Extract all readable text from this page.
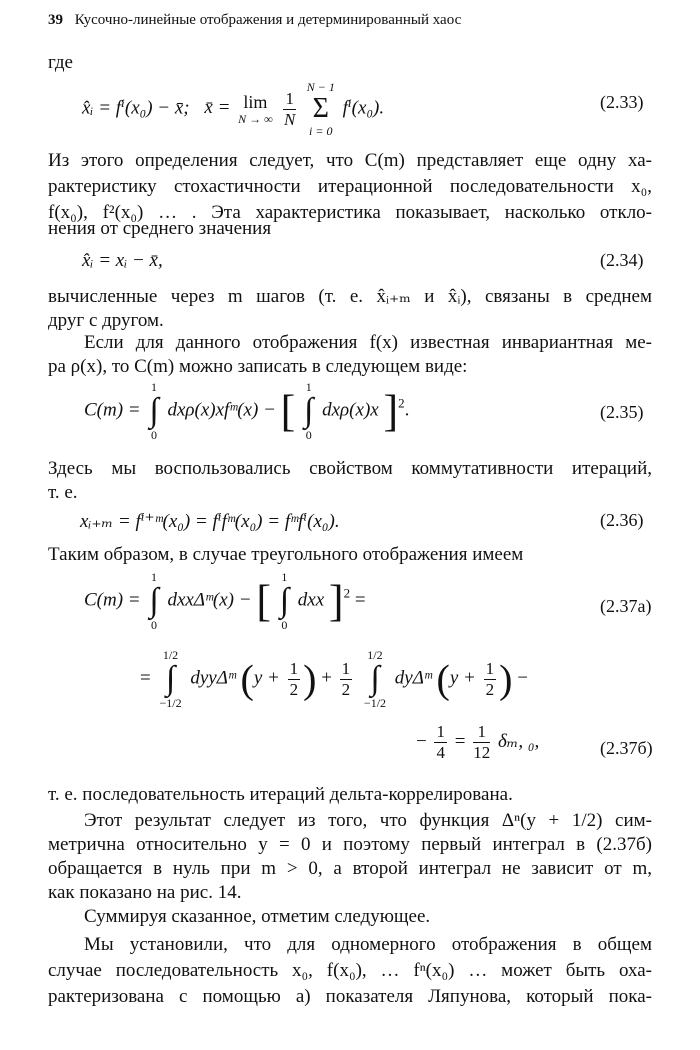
39 Кусочно-линейные отображения и детерминированный хаос
где
x̂ᵢ = fⁱ(x₀) − x̄; x̄ = lim
N → ∞
$\frac{1}{N}$

N − 1
Σ
i = 0
fⁱ(x₀).	(2.33)
Из этого определения следует, что C(m) представляет еще одну ха-
рактеристику стохастичности итерационной последовательности x₀,
f(x₀), f²(x₀) … . Эта характеристика показывает, насколько откло-
нения от среднего значения
x̂ᵢ = xᵢ − x̄,	(2.34)
вычисленные через m шагов (т. е. x̂ᵢ₊ₘ и x̂ᵢ), связаны в среднем
друг с другом.
Если для данного отображения f(x) известная инвариантная ме-
ра ρ(x), то C(m) можно записать в следующем виде:
C(m) =
1
∫
0
dxρ(x)xfᵐ(x) − [ 1
∫
0
dxρ(x)x ]$^2$.	(2.35)
Здесь мы воспользовались свойством коммутативности итераций,
т. е.
xᵢ₊ₘ = fⁱ⁺ᵐ(x₀) = fⁱfᵐ(x₀) = fᵐfⁱ(x₀).	(2.36)
Таким образом, в случае треугольного отображения имеем
C(m) =
1
∫
0
dxxΔᵐ(x) − [ 1
∫
0
dxx ]$^2$ =	(2.37а)
=
1/2
∫
−1/2
dyyΔᵐ ($y + \frac{1}{2}$ ) + $\frac{1}{2}$

1/2
∫
−1/2
dyΔᵐ ($y + \frac{1}{2}$ ) −
− $\frac{1}{4} = \frac{1}{12} \delta_m$, ₀,	(2.37б)
т. е. последовательность итераций дельта-коррелирована.
Этот результат следует из того, что функция Δⁿ(y + 1/2) сим-
метрична относительно y = 0 и поэтому первый интеграл в (2.37б)
обращается в нуль при m > 0, а второй интеграл не зависит от m,
как показано на рис. 14.
Суммируя сказанное, отметим следующее.
Мы установили, что для одномерного отображения в общем
случае последовательность x₀, f(x₀), … fⁿ(x₀) … может быть оха-
рактеризована с помощью а) показателя Ляпунова, который пока-
